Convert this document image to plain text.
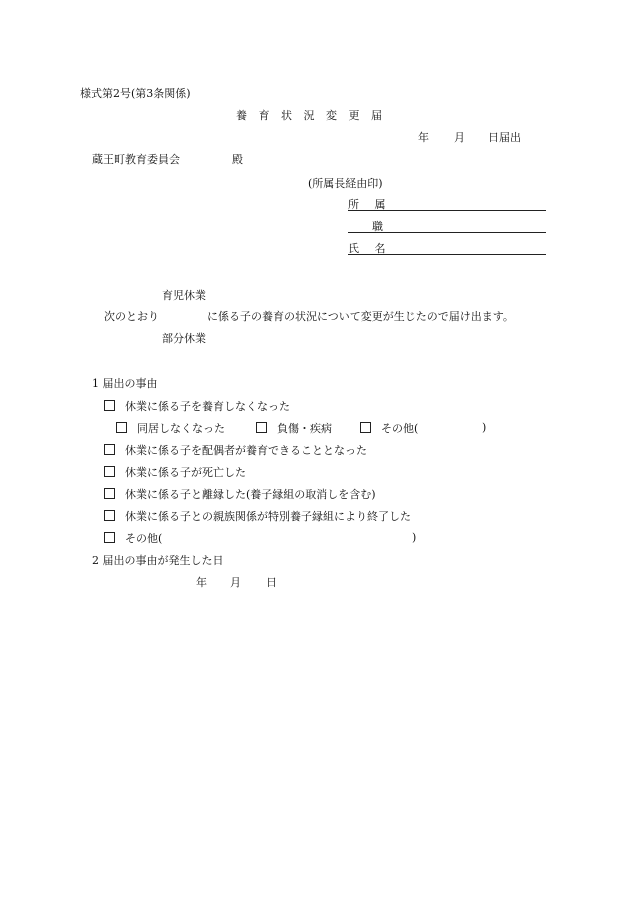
様式第2号(第3条関係)
養 育 状 況 変 更 届
年 月 日届出
蔵王町教育委員会	殿
(所属長経由印)
所 属
職
氏 名
育児休業
次のとおり	に係る子の養育の状況について変更が生じたので届け出ます。
部分休業
1 届出の事由
休業に係る子を養育しなくなった
同居しなくなった	負傷・疾病	その他(	)
休業に係る子を配偶者が養育できることとなった
休業に係る子が死亡した
休業に係る子と離縁した(養子縁組の取消しを含む)
休業に係る子との親族関係が特別養子縁組により終了した
その他(	)
2 届出の事由が発生した日
年 月 日
